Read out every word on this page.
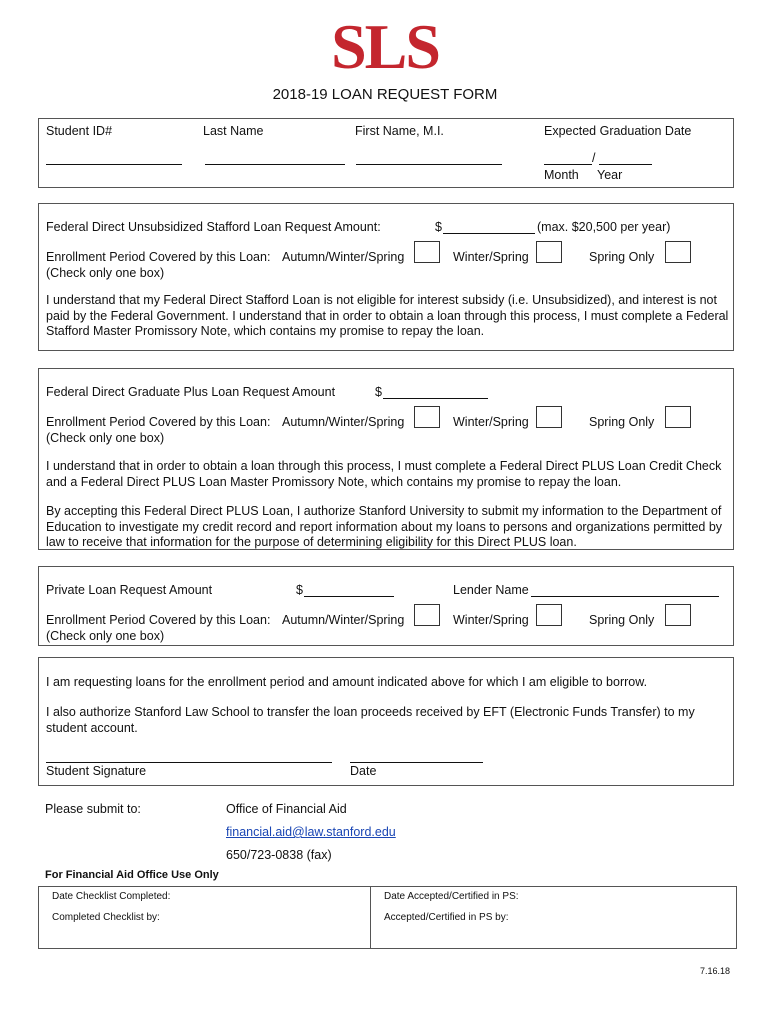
SLS
2018-19 LOAN REQUEST FORM
Student ID#	Last Name	First Name, M.I.	Expected Graduation Date
/
Month Year
Federal Direct Unsubsidized Stafford Loan Request Amount:	$	(max. $20,500 per year)
Enrollment Period Covered by this Loan: Autumn/Winter/Spring	Winter/Spring	Spring Only
(Check only one box)
I understand that my Federal Direct Stafford Loan is not eligible for interest subsidy (i.e. Unsubsidized), and interest is not paid by the Federal Government. I understand that in order to obtain a loan through this process, I must complete a Federal Stafford Master Promissory Note, which contains my promise to repay the loan.
Federal Direct Graduate Plus Loan Request Amount	$
Enrollment Period Covered by this Loan: Autumn/Winter/Spring	Winter/Spring	Spring Only
(Check only one box)
I understand that in order to obtain a loan through this process, I must complete a Federal Direct PLUS Loan Credit Check and a Federal Direct PLUS Loan Master Promissory Note, which contains my promise to repay the loan.
By accepting this Federal Direct PLUS Loan, I authorize Stanford University to submit my information to the Department of Education to investigate my credit record and report information about my loans to persons and organizations permitted by law to receive that information for the purpose of determining eligibility for this Direct PLUS loan.
Private Loan Request Amount	$	Lender Name
Enrollment Period Covered by this Loan: Autumn/Winter/Spring	Winter/Spring	Spring Only
(Check only one box)
I am requesting loans for the enrollment period and amount indicated above for which I am eligible to borrow.
I also authorize Stanford Law School to transfer the loan proceeds received by EFT (Electronic Funds Transfer) to my student account.
Student Signature	Date
Please submit to:	Office of Financial Aid
financial.aid@law.stanford.edu
650/723-0838 (fax)
For Financial Aid Office Use Only
Date Checklist Completed:
Completed Checklist by:
Date Accepted/Certified in PS:
Accepted/Certified in PS by:
7.16.18
